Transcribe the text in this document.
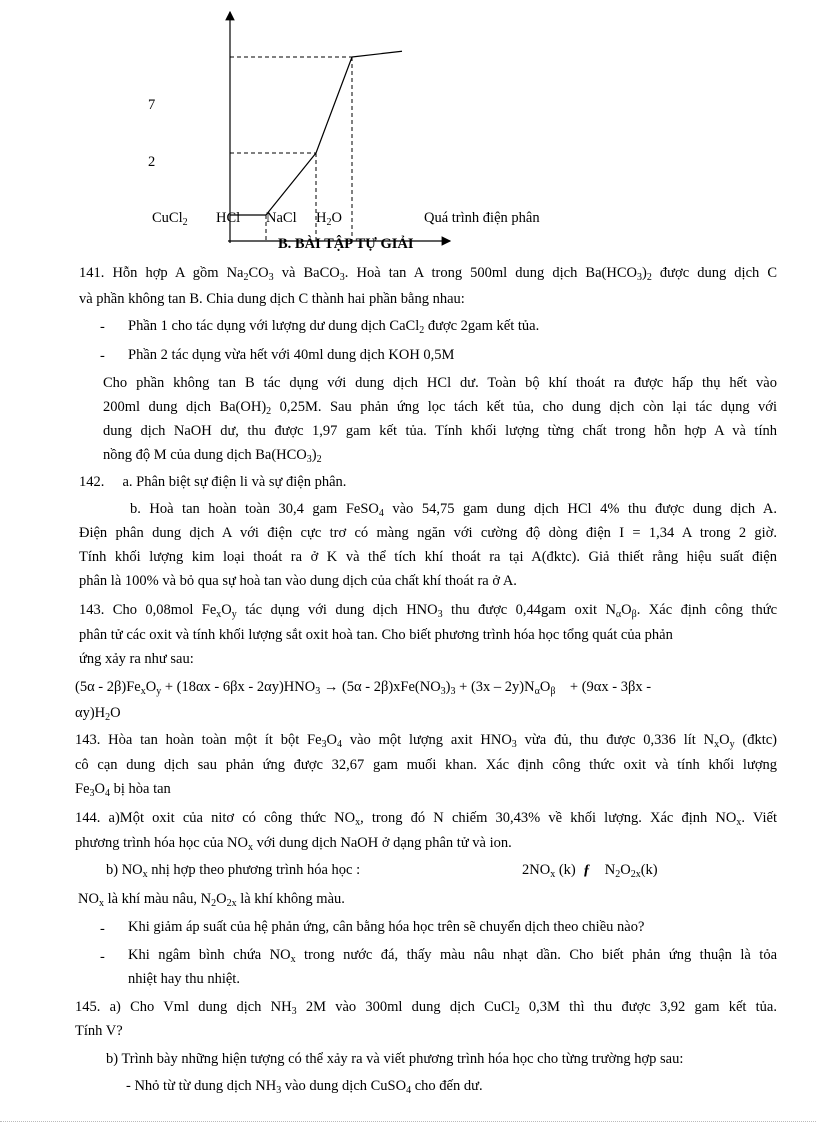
7
2
CuCl$_2$ HCl NaCl $H_2O$	Quá trình điện phân
B. BÀI TẬP TỰ GIẢI
141. Hỗn hợp A gồm $Na_2CO_3$ và BaCO$_3$. Hoà tan A trong 500ml dung dịch $Ba(HCO_3)_2$ được dung dịch C
và phần không tan B. Chia dung dịch C thành hai phần bằng nhau:
- Phần 1 cho tác dụng với lượng dư dung dịch CaCl$_2$ được 2gam kết tủa.
- Phần 2 tác dụng vừa hết với 40ml dung dịch KOH 0,5M
Cho phần không tan B tác dụng với dung dịch HCl dư. Toàn bộ khí thoát ra được hấp thụ hết vào
200ml dung dịch $Ba(OH)_2$ 0,25M. Sau phản ứng lọc tách kết tủa, cho dung dịch còn lại tác dụng với
dung dịch NaOH dư, thu được 1,97 gam kết tủa. Tính khối lượng từng chất trong hỗn hợp A và tính
nồng độ M của dung dịch $Ba(HCO_3)_2$
142.     a. Phân biệt sự điện li và sự điện phân.
b. Hoà tan hoàn toàn 30,4 gam FeSO$_4$ vào 54,75 gam dung dịch HCl 4% thu được dung dịch A.
Điện phân dung dịch A với điện cực trơ có màng ngăn với cường độ dòng điện I = 1,34 A trong 2 giờ.
Tính khối lượng kim loại thoát ra ở K và thể tích khí thoát ra tại A(đktc). Giả thiết rằng hiệu suất điện
phân là 100% và bỏ qua sự hoà tan vào dung dịch của chất khí thoát ra ở A.
143. Cho 0,08mol $Fe_xO_y$ tác dụng với dung dịch $HNO_3$ thu được 0,44gam oxit $N_\alpha O_\beta$. Xác định công thức
phân tử các oxit và tính khối lượng sắt oxit hoà tan. Cho biết phương trình hóa học tổng quát của phản
ứng xảy ra như sau:
$(5\alpha - 2\beta)Fe_xO_y + (18\alpha x - 6\beta x - 2\alpha y)HNO_3 \to (5\alpha - 2\beta)xFe(NO_3)_3 + (3x - 2y)N_\alpha O_\beta$    + (9αx - 3βx -
$\alpha y)H_2O$
143. Hòa tan hoàn toàn một ít bột $Fe_3O_4$ vào một lượng axit $HNO_3$ vừa đủ, thu được 0,336 lít $N_xO_y$ (đktc)
cô cạn dung dịch sau phản ứng được 32,67 gam muối khan. Xác định công thức oxit và tính khối lượng
$Fe_3O_4$ bị hòa tan
144. a)Một oxit của nitơ có công thức $NO_x$, trong đó N chiếm 30,43% về khối lượng. Xác định $NO_x$. Viết
phương trình hóa học của $NO_x$ với dung dịch NaOH ở dạng phân tử và ion.
b) $NO_x$ nhị hợp theo phương trình hóa học :	$2NO_x$ (k)  ƒ    $N_2O_{2x}(k)$
$NO_x$ là khí màu nâu, $N_2O_{2x}$ là khí không màu.
- Khi giảm áp suất của hệ phản ứng, cân bằng hóa học trên sẽ chuyển dịch theo chiều nào?
- Khi ngâm bình chứa $NO_x$ trong nước đá, thấy màu nâu nhạt dần. Cho biết phản ứng thuận là tỏa
nhiệt hay thu nhiệt.
145. a) Cho Vml dung dịch $NH_3$ 2M vào 300ml dung dịch CuCl$_2$ 0,3M thì thu được 3,92 gam kết tủa.
Tính V?
b) Trình bày những hiện tượng có thể xảy ra và viết phương trình hóa học cho từng trường hợp sau:
- Nhỏ từ từ dung dịch $NH_3$ vào dung dịch CuSO$_4$ cho đến dư.
